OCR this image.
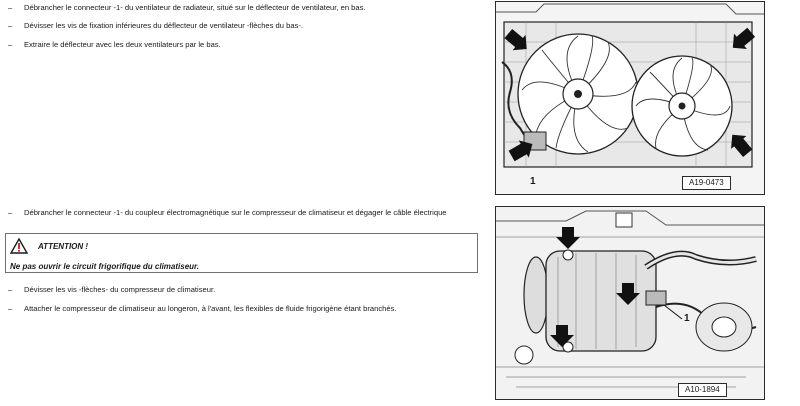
–	Débrancher le connecteur -1- du ventilateur de radiateur, situé sur le déflecteur de ventilateur, en bas.
–	Dévisser les vis de fixation inférieures du déflecteur de ventilateur -flèches du bas-.
–	Extraire le déflecteur avec les deux ventilateurs par le bas.
–	Débrancher le connecteur -1- du coupleur électromagnétique sur le compresseur de climatiseur et dégager le câble électrique
ATTENTION !
Ne pas ouvrir le circuit frigorifique du climatiseur.
–	Dévisser les vis -flèches- du compresseur de climatiseur.
–	Attacher le compresseur de climatiseur au longeron, à l'avant, les flexibles de fluide frigorigène étant branchés.
1	A19-0473
1
A10-1894
